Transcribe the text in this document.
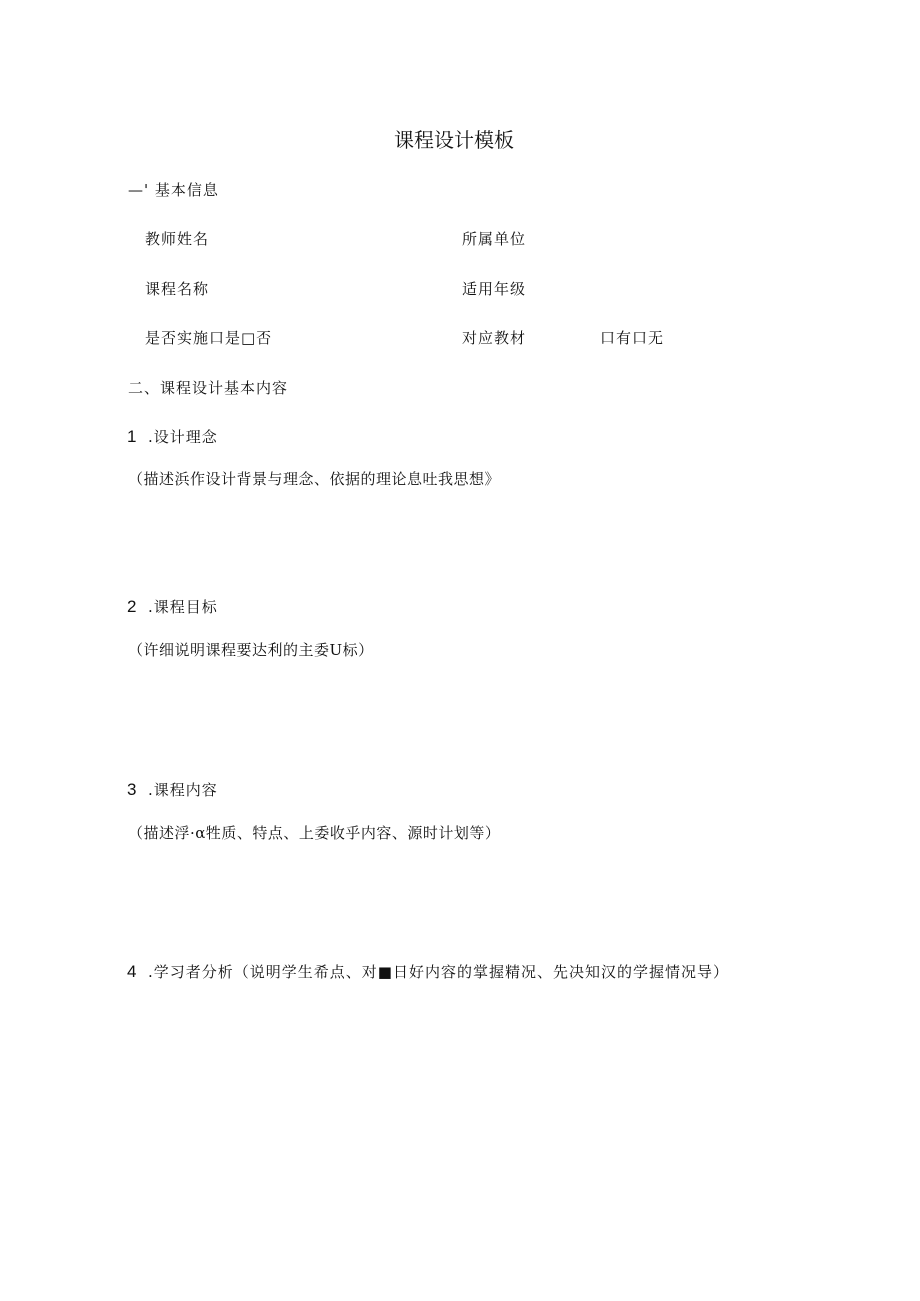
课程设计模板
—' 基本信息
教师姓名	所属单位
课程名称	适用年级
是否实施口是□否	对应教材	口有口无
二、课程设计基本内容
1 .设计理念
（描述浜作设计背景与理念、依据的理论息吐我思想》
2 .课程目标
（许细说明课程要达利的主委U标）
3 .课程内容
（描述浮·α牲质、特点、上委收乎内容、源时计划等）
4 .学习者分析（说明学生希点、对■日好内容的掌握精况、先决知汉的学握情况导）
